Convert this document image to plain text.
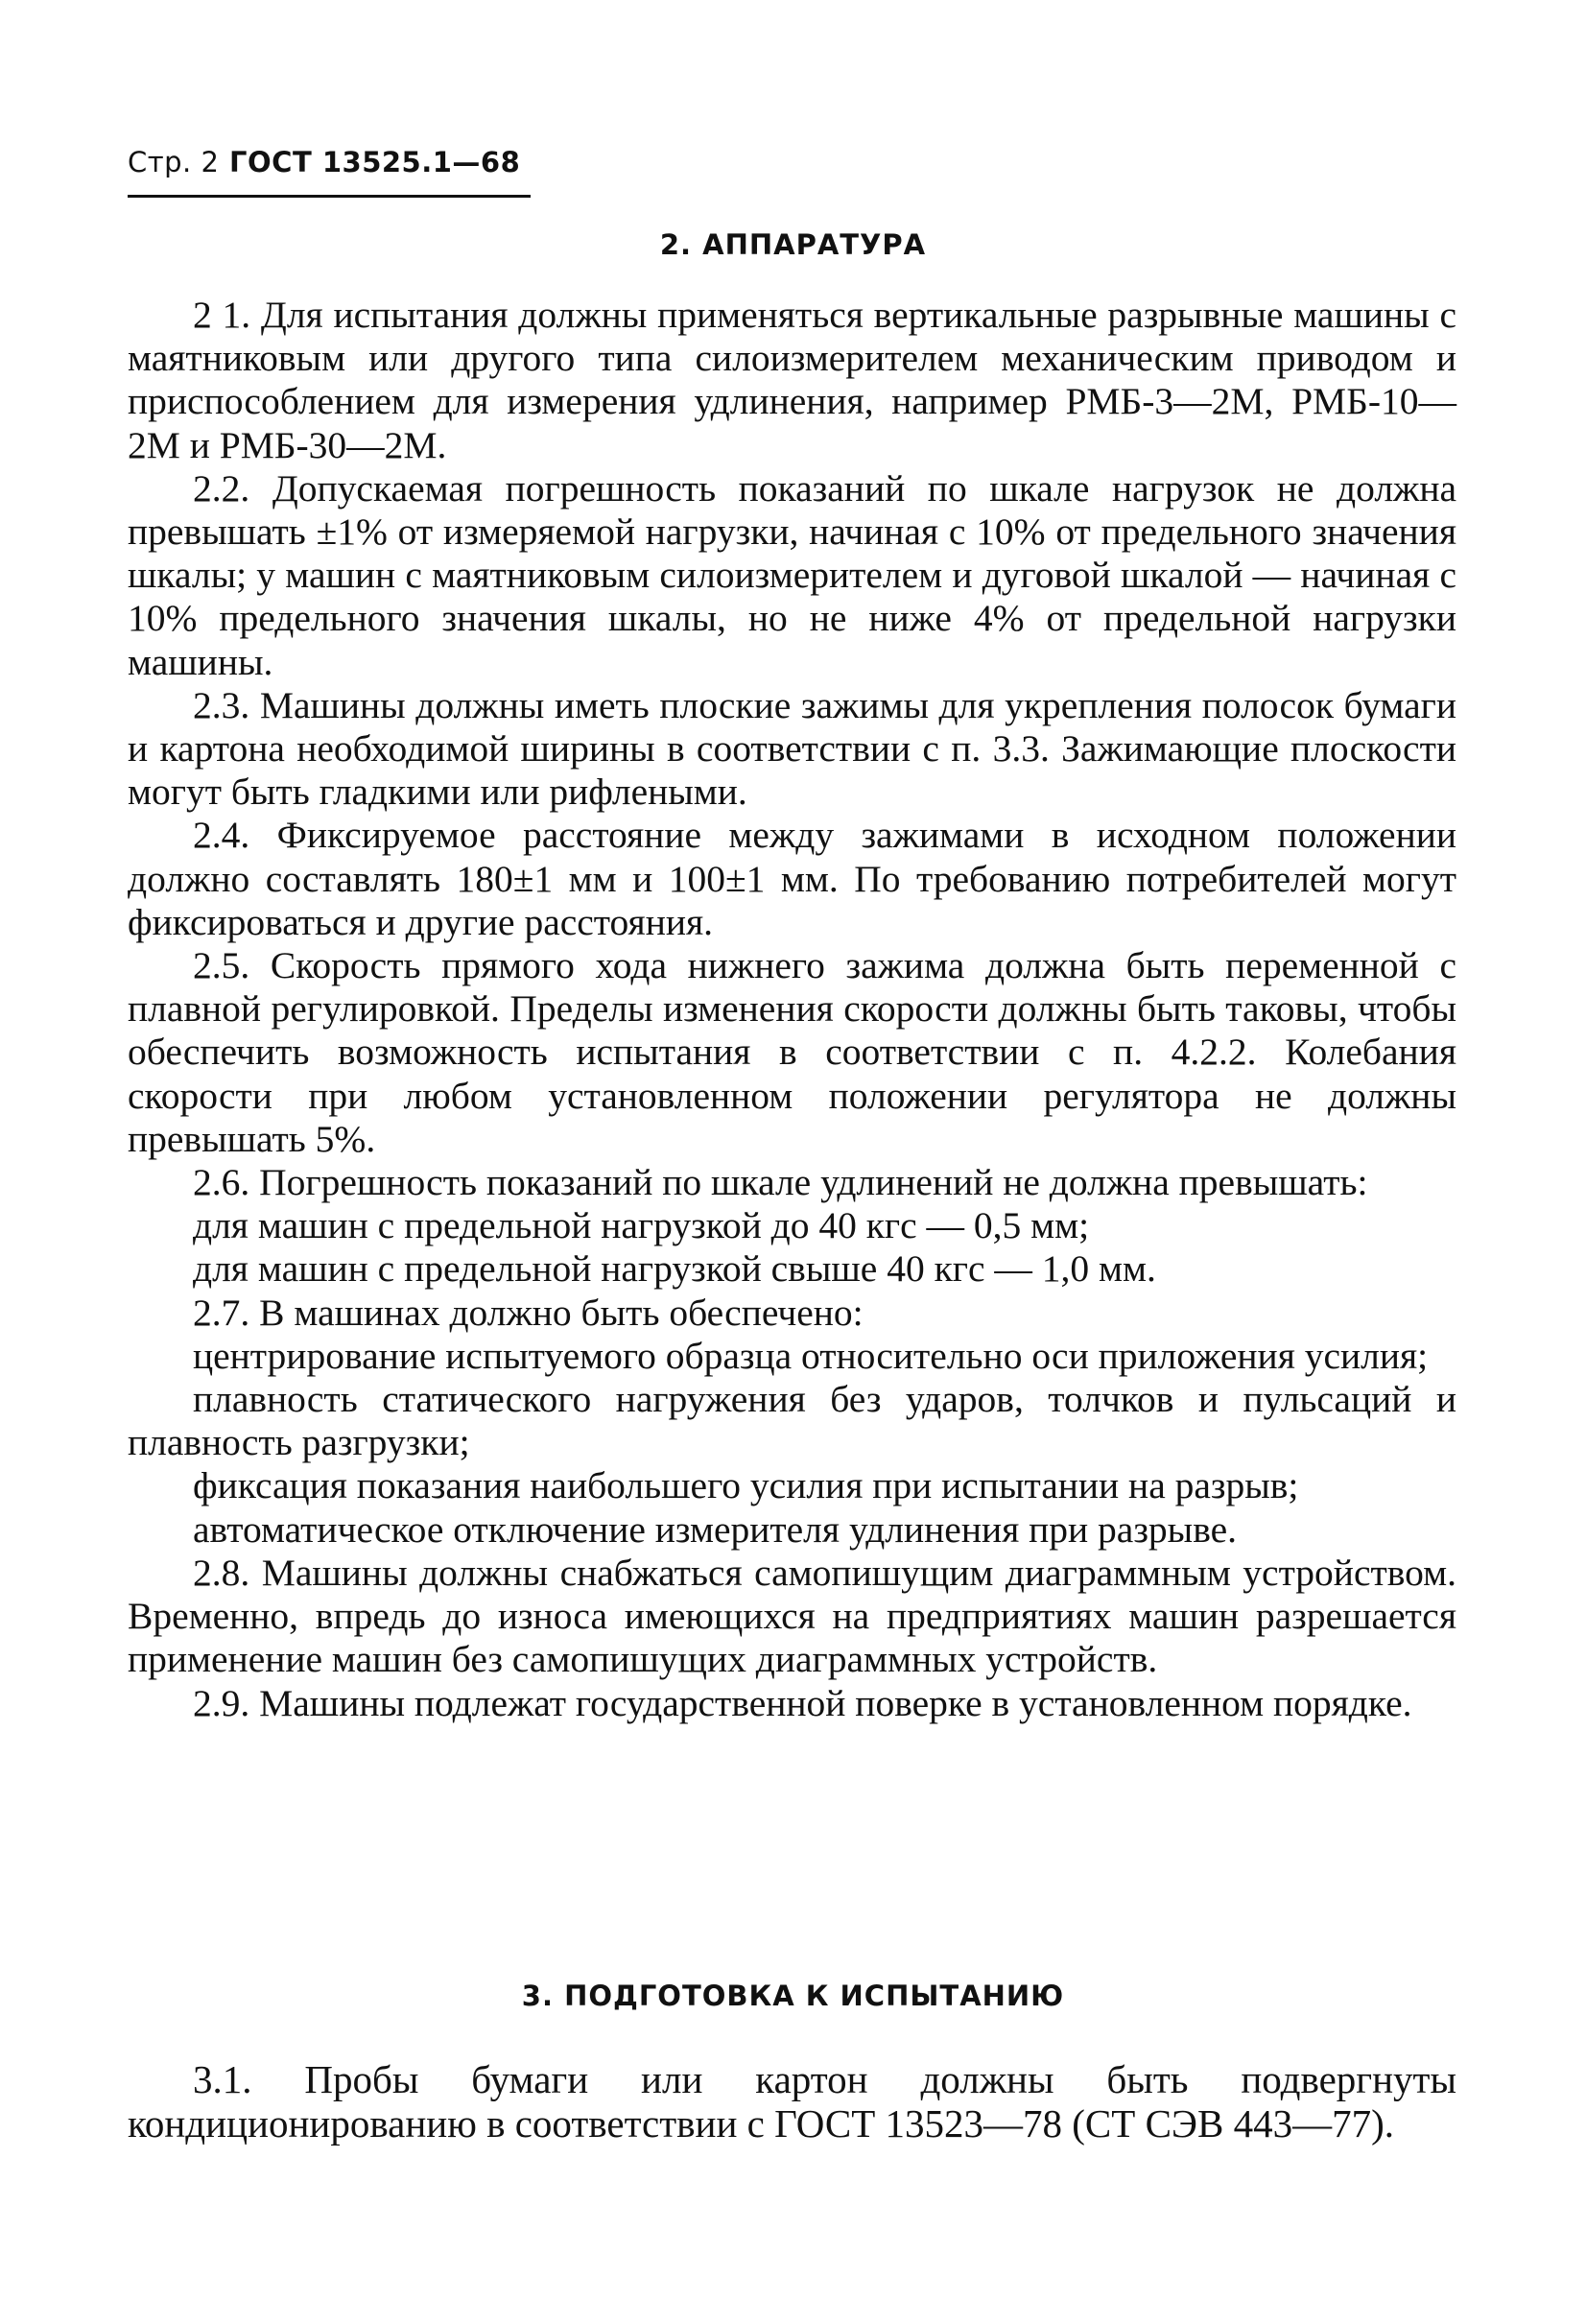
Стр. 2 ГОСТ 13525.1—68
2. АППАРАТУРА

2 1. Для испытания должны применяться вертикальные разрывные машины с маятниковым или другого типа силоизмерителем механическим приводом и приспособлением для измерения удлинения, например РМБ-3—2М, РМБ-10—2М и РМБ-30—2М.

2.2. Допускаемая погрешность показаний по шкале нагрузок не должна превышать ±1% от измеряемой нагрузки, начиная с 10% от предельного значения шкалы; у машин с маятниковым силоизмерителем и дуговой шкалой — начиная с 10% предельного значения шкалы, но не ниже 4% от предельной нагрузки машины.

2.3. Машины должны иметь плоские зажимы для укрепления полосок бумаги и картона необходимой ширины в соответствии с п. 3.3. Зажимающие плоскости могут быть гладкими или рифлеными.

2.4. Фиксируемое расстояние между зажимами в исходном положении должно составлять 180±1 мм и 100±1 мм. По требованию потребителей могут фиксироваться и другие расстояния.

2.5. Скорость прямого хода нижнего зажима должна быть переменной с плавной регулировкой. Пределы изменения скорости должны быть таковы, чтобы обеспечить возможность испытания в соответствии с п. 4.2.2. Колебания скорости при любом установленном положении регулятора не должны превышать 5%.

2.6. Погрешность показаний по шкале удлинений не должна превышать:

для машин с предельной нагрузкой до 40 кгс — 0,5 мм;

для машин с предельной нагрузкой свыше 40 кгс — 1,0 мм.

2.7. В машинах должно быть обеспечено:

центрирование испытуемого образца относительно оси приложения усилия;

плавность статического нагружения без ударов, толчков и пульсаций и плавность разгрузки;

фиксация показания наибольшего усилия при испытании на разрыв;

автоматическое отключение измерителя удлинения при разрыве.

2.8. Машины должны снабжаться самопишущим диаграммным устройством. Временно, впредь до износа имеющихся на предприятиях машин разрешается применение машин без самопишущих диаграммных устройств.

2.9. Машины подлежат государственной поверке в установленном порядке.

3. ПОДГОТОВКА К ИСПЫТАНИЮ

3.1. Пробы бумаги или картон должны быть подвергнуты кондиционированию в соответствии с ГОСТ 13523—78 (СТ СЭВ 443—77).
